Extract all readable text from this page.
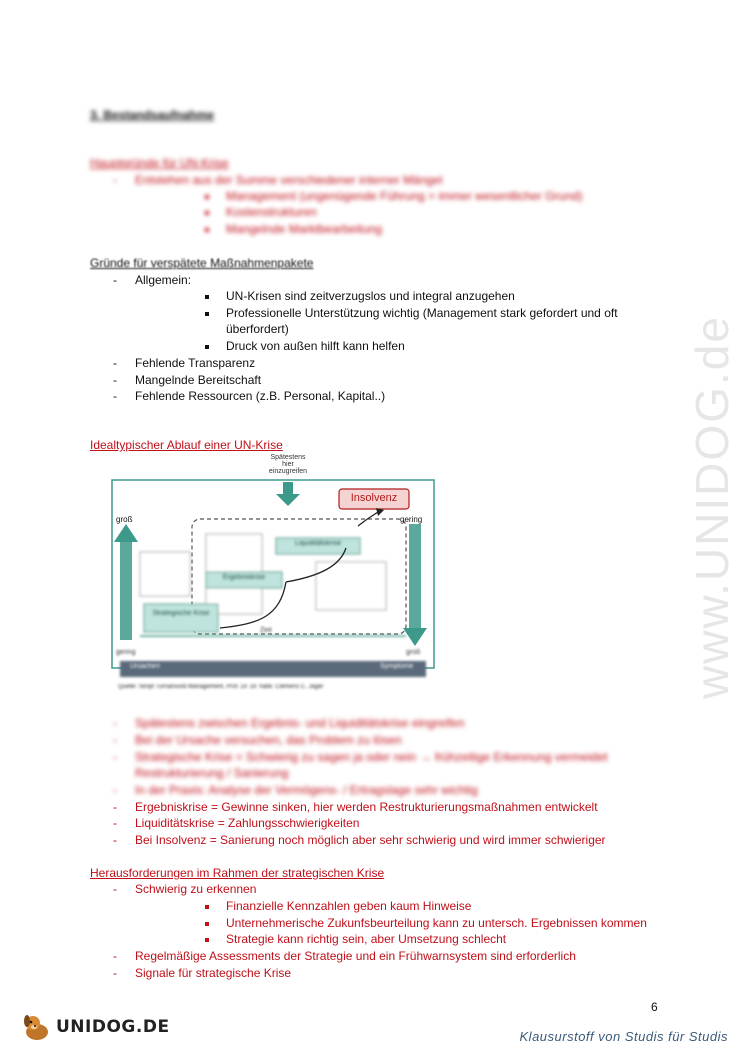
www.UNIDOG.de
3. Bestandsaufnahme
Hauptgründe für UN-Krise
- Entstehen aus der Summe verschiedener interner Mängel
Management (ungenügende Führung = immer wesentlicher Grund)
Kostenstrukturen
Mangelnde Marktbearbeitung
Gründe für verspätete Maßnahmenpakete
- Allgemein:
UN-Krisen sind zeitverzugslos und integral anzugehen
Professionelle Unterstützung wichtig (Management stark gefordert und oft
überfordert)
Druck von außen hilft kann helfen
- Fehlende Transparenz
- Mangelnde Bereitschaft
- Fehlende Ressourcen (z.B. Personal, Kapital..)
Idealtypischer Ablauf einer UN-Krise
Spätestens
hier
einzugreifen
Insolvenz
groß	gering
gering	groß
Liquiditätskrise
Ergebniskrise
Strategische Krise
Zeit
Ursachen	Symptome
Quelle: Skript Turnaround Management, Prof. Dr. Dr. habil. Clemens C. Jäger
- Spätestens zwischen Ergebnis- und Liquiditätskrise eingreifen
- Bei der Ursache versuchen, das Problem zu lösen
- Strategische Krise = Schwierig zu sagen ja oder nein → frühzeitige Erkennung vermeidet
Restrukturierung / Sanierung
- In der Praxis: Analyse der Vermögens- / Ertragslage sehr wichtig
- Ergebniskrise = Gewinne sinken, hier werden Restrukturierungsmaßnahmen entwickelt
- Liquiditätskrise = Zahlungsschwierigkeiten
- Bei Insolvenz = Sanierung noch möglich aber sehr schwierig und wird immer schwieriger
Herausforderungen im Rahmen der strategischen Krise
- Schwierig zu erkennen
Finanzielle Kennzahlen geben kaum Hinweise
Unternehmerische Zukunfsbeurteilung kann zu untersch. Ergebnissen kommen
Strategie kann richtig sein, aber Umsetzung schlecht
- Regelmäßige Assessments der Strategie und ein Frühwarnsystem sind erforderlich
- Signale für strategische Krise
6
UNIDOG.DE	Klausurstoff von Studis für Studis
